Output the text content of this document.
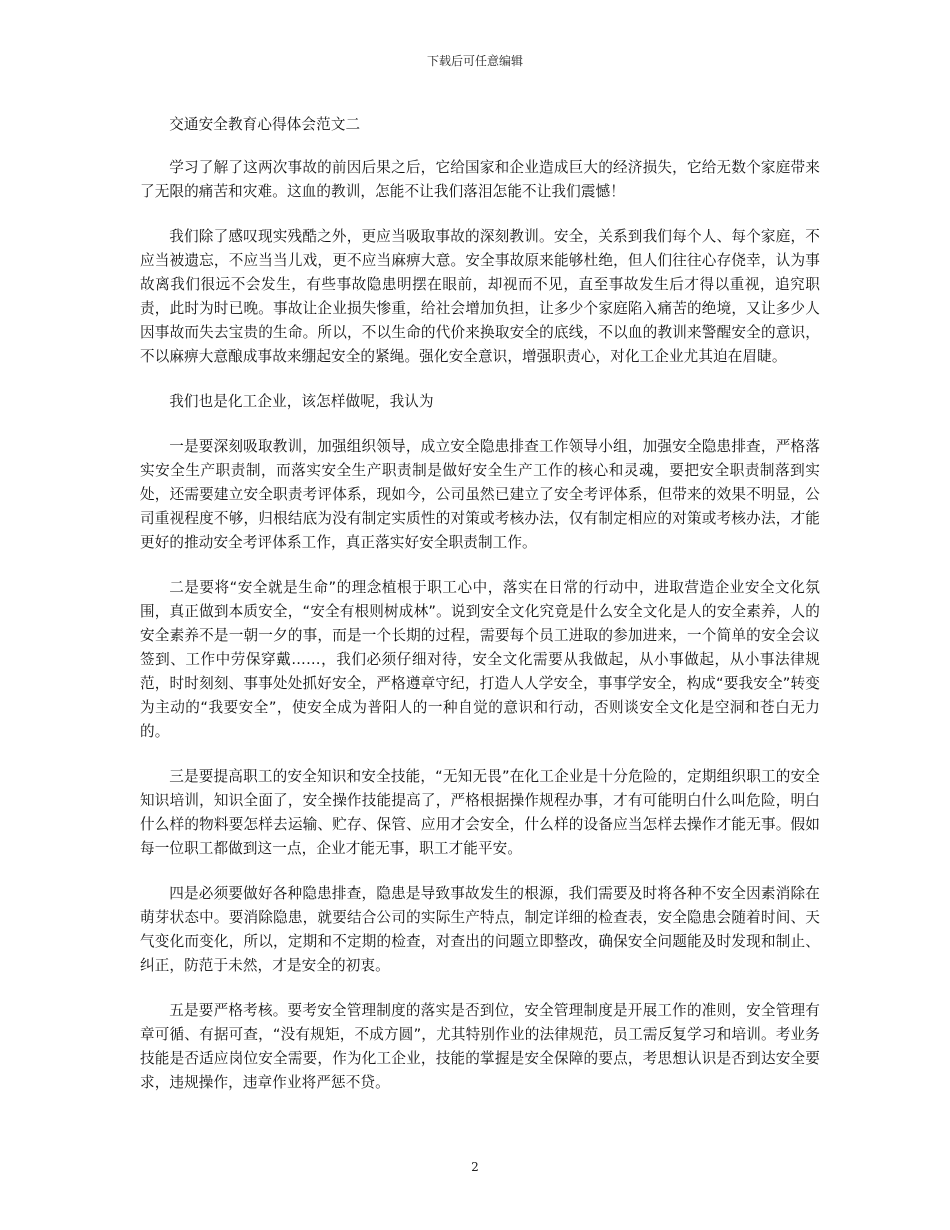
下载后可任意编辑

交通安全教育心得体会范文二

学习了解了这两次事故的前因后果之后，它给国家和企业造成巨大的经济损失，它给无数个家庭带来了无限的痛苦和灾难。这血的教训，怎能不让我们落泪怎能不让我们震憾！

我们除了感叹现实残酷之外，更应当吸取事故的深刻教训。安全，关系到我们每个人、每个家庭，不应当被遗忘，不应当当儿戏，更不应当麻痹大意。安全事故原来能够杜绝，但人们往往心存侥幸，认为事故离我们很远不会发生，有些事故隐患明摆在眼前，却视而不见，直至事故发生后才得以重视，追究职责，此时为时已晚。事故让企业损失惨重，给社会增加负担，让多少个家庭陷入痛苦的绝境，又让多少人因事故而失去宝贵的生命。所以，不以生命的代价来换取安全的底线，不以血的教训来警醒安全的意识，不以麻痹大意酿成事故来绷起安全的紧绳。强化安全意识，增强职责心，对化工企业尤其迫在眉睫。

我们也是化工企业，该怎样做呢，我认为

一是要深刻吸取教训，加强组织领导，成立安全隐患排查工作领导小组，加强安全隐患排查，严格落实安全生产职责制，而落实安全生产职责制是做好安全生产工作的核心和灵魂，要把安全职责制落到实处，还需要建立安全职责考评体系，现如今，公司虽然已建立了安全考评体系，但带来的效果不明显，公司重视程度不够，归根结底为没有制定实质性的对策或考核办法，仅有制定相应的对策或考核办法，才能更好的推动安全考评体系工作，真正落实好安全职责制工作。

二是要将“安全就是生命”的理念植根于职工心中，落实在日常的行动中，进取营造企业安全文化氛围，真正做到本质安全，“安全有根则树成林”。说到安全文化究竟是什么安全文化是人的安全素养，人的安全素养不是一朝一夕的事，而是一个长期的过程，需要每个员工进取的参加进来，一个简单的安全会议签到、工作中劳保穿戴……，我们必须仔细对待，安全文化需要从我做起，从小事做起，从小事法律规范，时时刻刻、事事处处抓好安全，严格遵章守纪，打造人人学安全，事事学安全，构成“要我安全”转变为主动的“我要安全”，使安全成为普阳人的一种自觉的意识和行动，否则谈安全文化是空洞和苍白无力的。

三是要提高职工的安全知识和安全技能，“无知无畏”在化工企业是十分危险的，定期组织职工的安全知识培训，知识全面了，安全操作技能提高了，严格根据操作规程办事，才有可能明白什么叫危险，明白什么样的物料要怎样去运输、贮存、保管、应用才会安全，什么样的设备应当怎样去操作才能无事。假如每一位职工都做到这一点，企业才能无事，职工才能平安。

四是必须要做好各种隐患排查，隐患是导致事故发生的根源，我们需要及时将各种不安全因素消除在萌芽状态中。要消除隐患，就要结合公司的实际生产特点，制定详细的检查表，安全隐患会随着时间、天气变化而变化，所以，定期和不定期的检查，对查出的问题立即整改，确保安全问题能及时发现和制止、纠正，防范于未然，才是安全的初衷。

五是要严格考核。要考安全管理制度的落实是否到位，安全管理制度是开展工作的准则，安全管理有章可循、有据可查，“没有规矩，不成方圆”，尤其特别作业的法律规范，员工需反复学习和培训。考业务技能是否适应岗位安全需要，作为化工企业，技能的掌握是安全保障的要点，考思想认识是否到达安全要求，违规操作，违章作业将严惩不贷。

2
